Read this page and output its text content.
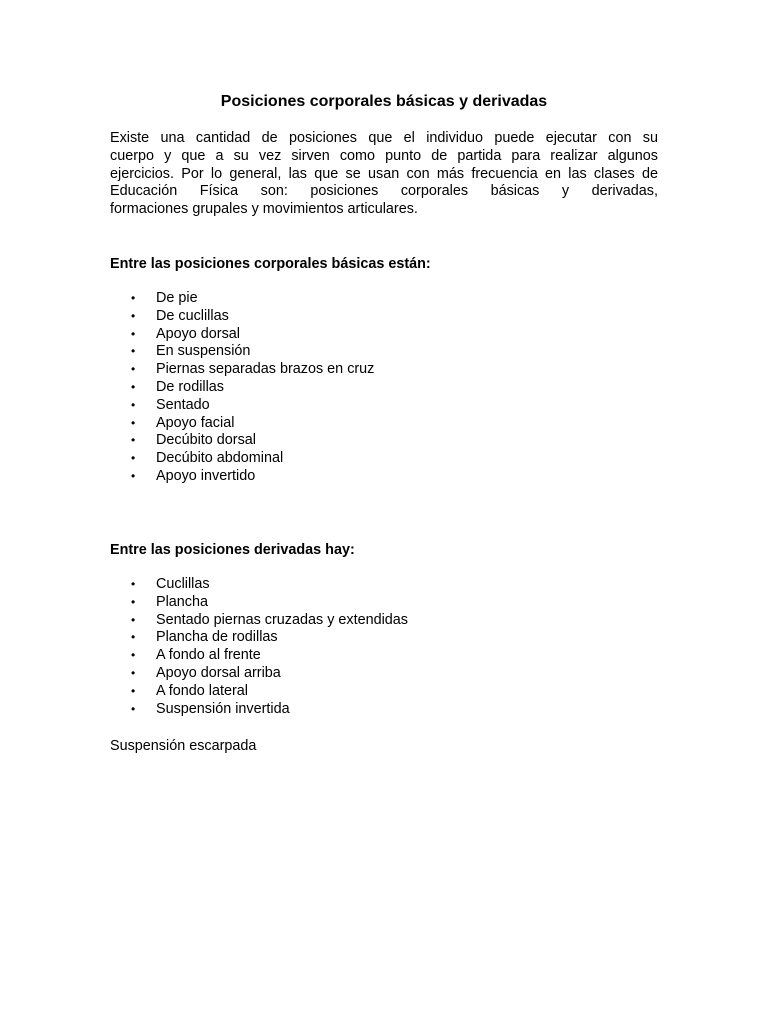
Posiciones corporales básicas y derivadas

Existe una cantidad de posiciones que el individuo puede ejecutar con su
cuerpo y que a su vez sirven como punto de partida para realizar algunos
ejercicios. Por lo general, las que se usan con más frecuencia en las clases de
Educación Física son: posiciones corporales básicas y derivadas,
formaciones grupales y movimientos articulares.

Entre las posiciones corporales básicas están:

• De pie
• De cuclillas
• Apoyo dorsal
• En suspensión
• Piernas separadas brazos en cruz
• De rodillas
• Sentado
• Apoyo facial
• Decúbito dorsal
• Decúbito abdominal
• Apoyo invertido

Entre las posiciones derivadas hay:

• Cuclillas
• Plancha
• Sentado piernas cruzadas y extendidas
• Plancha de rodillas
• A fondo al frente
• Apoyo dorsal arriba
• A fondo lateral
• Suspensión invertida

Suspensión escarpada
